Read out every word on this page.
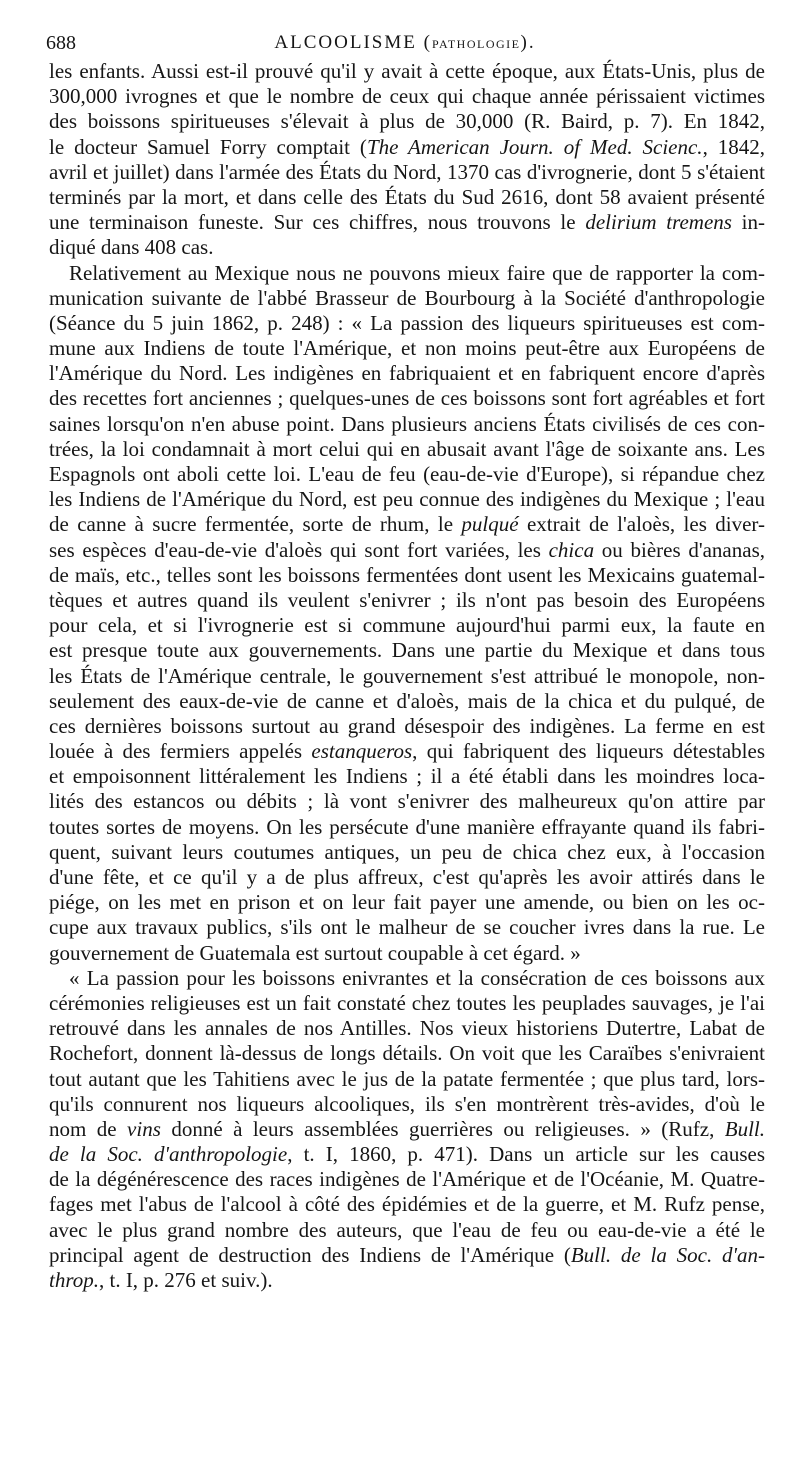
688	ALCOOLISME (PATHOLOGIE).
les enfants. Aussi est-il prouvé qu'il y avait à cette époque, aux États-Unis, plus de
300,000 ivrognes et que le nombre de ceux qui chaque année périssaient victimes
des boissons spiritueuses s'élevait à plus de 30,000 (R. Baird, p. 7). En 1842,
le docteur Samuel Forry comptait (The American Journ. of Med. Scienc., 1842,
avril et juillet) dans l'armée des États du Nord, 1370 cas d'ivrognerie, dont 5 s'étaient
terminés par la mort, et dans celle des États du Sud 2616, dont 58 avaient présenté
une terminaison funeste. Sur ces chiffres, nous trouvons le delirium tremens in-
diqué dans 408 cas.
Relativement au Mexique nous ne pouvons mieux faire que de rapporter la com-
munication suivante de l'abbé Brasseur de Bourbourg à la Société d'anthropologie
(Séance du 5 juin 1862, p. 248) : « La passion des liqueurs spiritueuses est com-
mune aux Indiens de toute l'Amérique, et non moins peut-être aux Européens de
l'Amérique du Nord. Les indigènes en fabriquaient et en fabriquent encore d'après
des recettes fort anciennes ; quelques-unes de ces boissons sont fort agréables et fort
saines lorsqu'on n'en abuse point. Dans plusieurs anciens États civilisés de ces con-
trées, la loi condamnait à mort celui qui en abusait avant l'âge de soixante ans. Les
Espagnols ont aboli cette loi. L'eau de feu (eau-de-vie d'Europe), si répandue chez
les Indiens de l'Amérique du Nord, est peu connue des indigènes du Mexique ; l'eau
de canne à sucre fermentée, sorte de rhum, le pulqué extrait de l'aloès, les diver-
ses espèces d'eau-de-vie d'aloès qui sont fort variées, les chica ou bières d'ananas,
de maïs, etc., telles sont les boissons fermentées dont usent les Mexicains guatemal-
tèques et autres quand ils veulent s'enivrer ; ils n'ont pas besoin des Européens
pour cela, et si l'ivrognerie est si commune aujourd'hui parmi eux, la faute en
est presque toute aux gouvernements. Dans une partie du Mexique et dans tous
les États de l'Amérique centrale, le gouvernement s'est attribué le monopole, non-
seulement des eaux-de-vie de canne et d'aloès, mais de la chica et du pulqué, de
ces dernières boissons surtout au grand désespoir des indigènes. La ferme en est
louée à des fermiers appelés estanqueros, qui fabriquent des liqueurs détestables
et empoisonnent littéralement les Indiens ; il a été établi dans les moindres loca-
lités des estancos ou débits ; là vont s'enivrer des malheureux qu'on attire par
toutes sortes de moyens. On les persécute d'une manière effrayante quand ils fabri-
quent, suivant leurs coutumes antiques, un peu de chica chez eux, à l'occasion
d'une fête, et ce qu'il y a de plus affreux, c'est qu'après les avoir attirés dans le
piége, on les met en prison et on leur fait payer une amende, ou bien on les oc-
cupe aux travaux publics, s'ils ont le malheur de se coucher ivres dans la rue. Le
gouvernement de Guatemala est surtout coupable à cet égard. »
« La passion pour les boissons enivrantes et la consécration de ces boissons aux
cérémonies religieuses est un fait constaté chez toutes les peuplades sauvages, je l'ai
retrouvé dans les annales de nos Antilles. Nos vieux historiens Dutertre, Labat de
Rochefort, donnent là-dessus de longs détails. On voit que les Caraïbes s'enivraient
tout autant que les Tahitiens avec le jus de la patate fermentée ; que plus tard, lors-
qu'ils connurent nos liqueurs alcooliques, ils s'en montrèrent très-avides, d'où le
nom de vins donné à leurs assemblées guerrières ou religieuses. » (Rufz, Bull.
de la Soc. d'anthropologie, t. I, 1860, p. 471). Dans un article sur les causes
de la dégénérescence des races indigènes de l'Amérique et de l'Océanie, M. Quatre-
fages met l'abus de l'alcool à côté des épidémies et de la guerre, et M. Rufz pense,
avec le plus grand nombre des auteurs, que l'eau de feu ou eau-de-vie a été le
principal agent de destruction des Indiens de l'Amérique (Bull. de la Soc. d'an-
throp., t. I, p. 276 et suiv.).
